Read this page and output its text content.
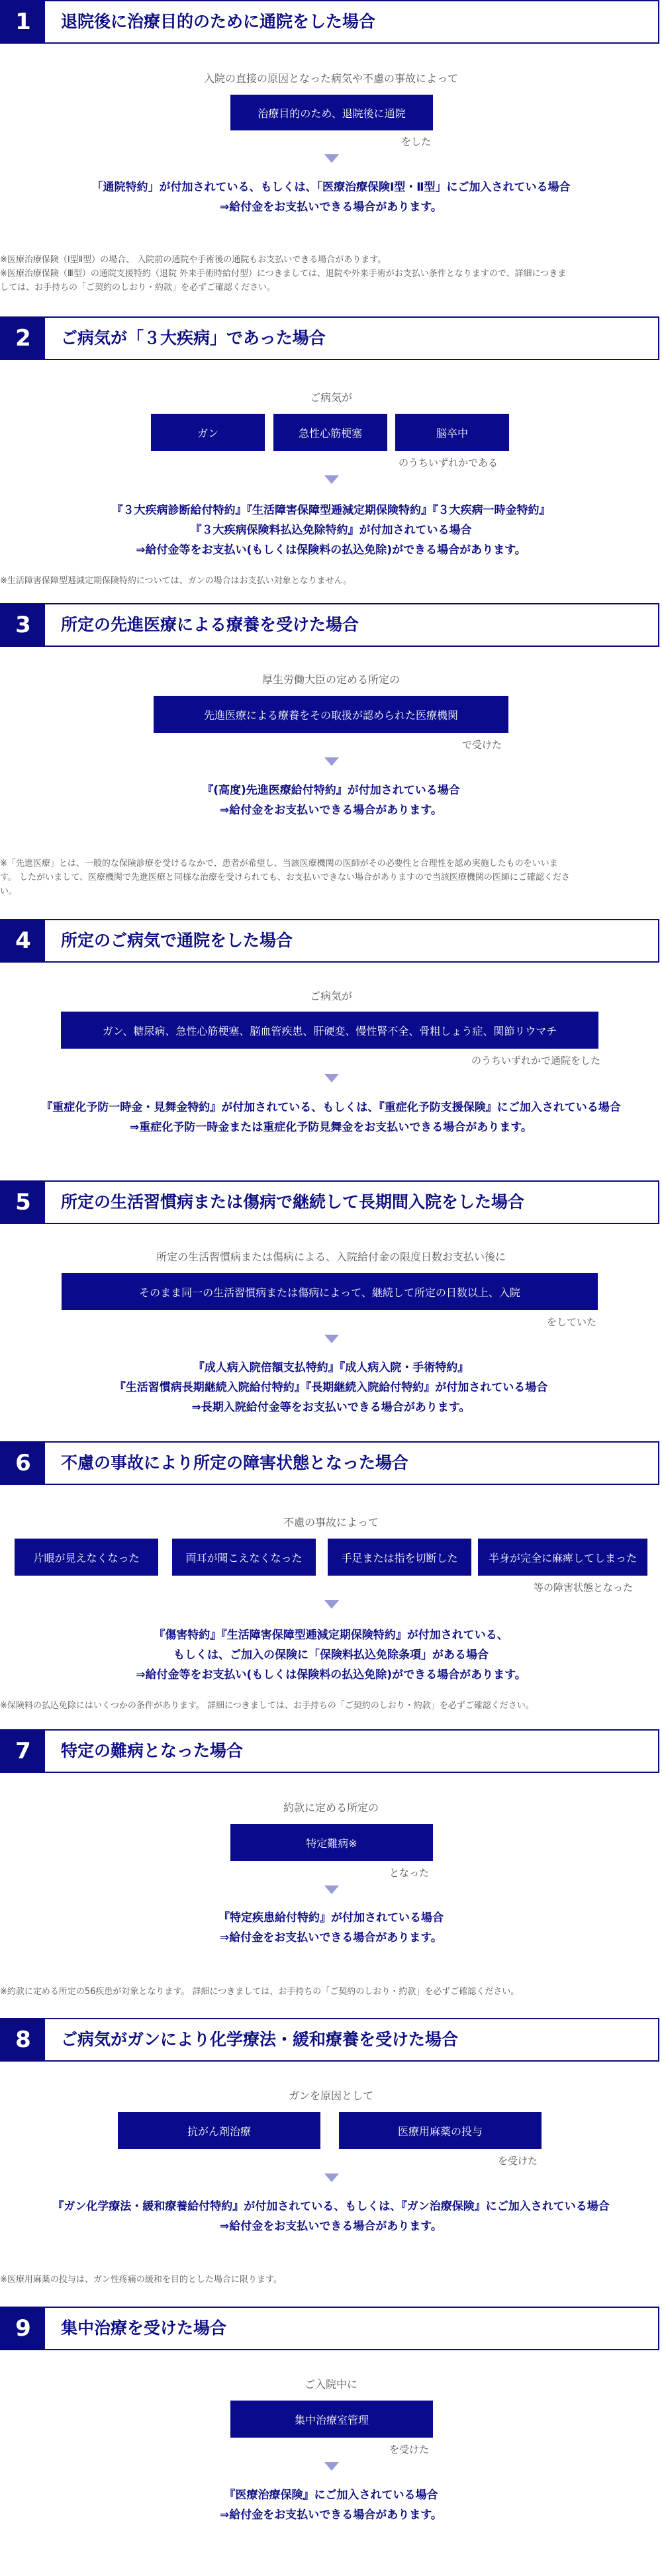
1	退院後に治療目的のために通院をした場合
入院の直接の原因となった病気や不慮の事故によって
治療目的のため、退院後に通院
をした
「通院特約」が付加されている、もしくは、「医療治療保険Ⅰ型・Ⅱ型」にご加入されている場合
⇒給付金をお支払いできる場合があります。
※医療治療保険（Ⅰ型Ⅱ型）の場合、 入院前の通院や手術後の通院もお支払いできる場合があります。
※医療治療保険（Ⅲ型）の通院支援特約（退院 外来手術時給付型）につきましては、退院や外来手術がお支払い条件となりますので、詳細につきま
しては、お手持ちの「ご契約のしおり・約款」を必ずご確認ください。
2	ご病気が「３大疾病」であった場合
ご病気が
ガン	急性心筋梗塞	脳卒中
のうちいずれかである
『３大疾病診断給付特約』『生活障害保障型逓減定期保険特約』『３大疾病一時金特約』
『３大疾病保険料払込免除特約』が付加されている場合
⇒給付金等をお支払い(もしくは保険料の払込免除)ができる場合があります。
※生活障害保障型逓減定期保険特約については、ガンの場合はお支払い対象となりません。
3	所定の先進医療による療養を受けた場合
厚生労働大臣の定める所定の
先進医療による療養をその取扱が認められた医療機関
で受けた
『(高度)先進医療給付特約』が付加されている場合
⇒給付金をお支払いできる場合があります。
※「先進医療」とは、一般的な保険診療を受けるなかで、患者が希望し、当該医療機関の医師がその必要性と合理性を認め実施したものをいいま
す。 したがいまして、医療機関で先進医療と同様な治療を受けられても、お支払いできない場合がありますので当該医療機関の医師にご確認くださ
い。
4	所定のご病気で通院をした場合
ご病気が
ガン、糖尿病、急性心筋梗塞、脳血管疾患、肝硬変、慢性腎不全、骨粗しょう症、関節リウマチ
のうちいずれかで通院をした
『重症化予防一時金・見舞金特約』が付加されている、もしくは、『重症化予防支援保険』にご加入されている場合
⇒重症化予防一時金または重症化予防見舞金をお支払いできる場合があります。
5	所定の生活習慣病または傷病で継続して長期間入院をした場合
所定の生活習慣病または傷病による、入院給付金の限度日数お支払い後に
そのまま同一の生活習慣病または傷病によって、継続して所定の日数以上、入院
をしていた
『成人病入院倍額支払特約』『成人病入院・手術特約』
『生活習慣病長期継続入院給付特約』『長期継続入院給付特約』が付加されている場合
⇒長期入院給付金等をお支払いできる場合があります。
6	不慮の事故により所定の障害状態となった場合
不慮の事故によって
片眼が見えなくなった	両耳が聞こえなくなった	手足または指を切断した	半身が完全に麻痺してしまった
等の障害状態となった
『傷害特約』『生活障害保障型逓減定期保険特約』が付加されている、
もしくは、ご加入の保険に「保険料払込免除条項」がある場合
⇒給付金等をお支払い(もしくは保険料の払込免除)ができる場合があります。
※保険料の払込免除にはいくつかの条件があります。 詳細につきましては、お手持ちの「ご契約のしおり・約款」を必ずご確認ください。
7	特定の難病となった場合
約款に定める所定の
特定難病※
となった
『特定疾患給付特約』が付加されている場合
⇒給付金をお支払いできる場合があります。
※約款に定める所定の56疾患が対象となります。 詳細につきましては、お手持ちの「ご契約のしおり・約款」を必ずご確認ください。
8	ご病気がガンにより化学療法・緩和療養を受けた場合
ガンを原因として
抗がん剤治療	医療用麻薬の投与
を受けた
『ガン化学療法・緩和療養給付特約』が付加されている、もしくは、『ガン治療保険』にご加入されている場合
⇒給付金をお支払いできる場合があります。
※医療用麻薬の投与は、ガン性疼痛の緩和を目的とした場合に限ります。
9	集中治療を受けた場合
ご入院中に
集中治療室管理
を受けた
『医療治療保険』にご加入されている場合
⇒給付金をお支払いできる場合があります。
